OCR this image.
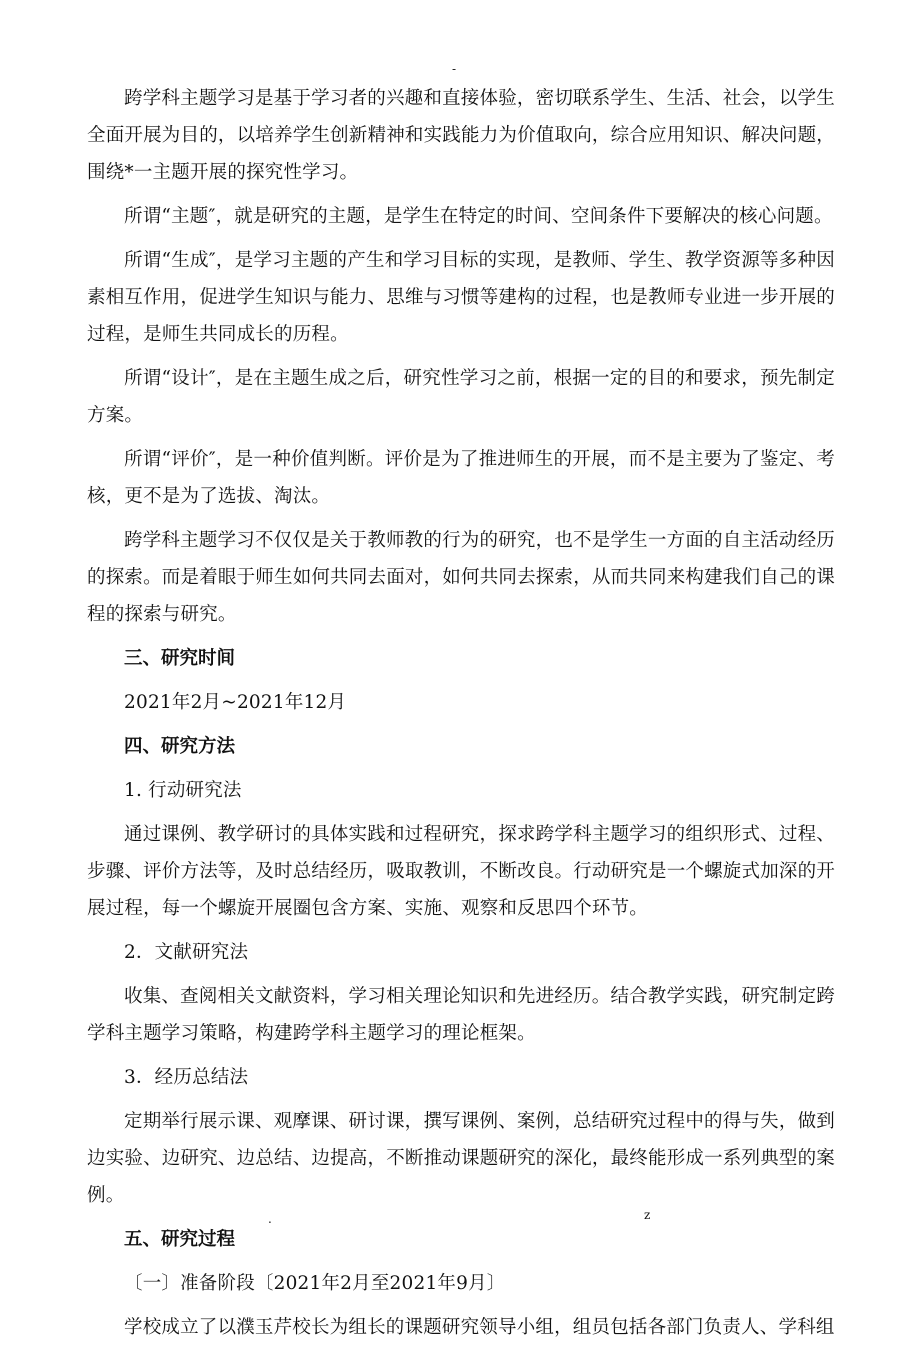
-

跨学科主题学习是基于学习者的兴趣和直接体验，密切联系学生、生活、社会，以学生全面开展为目的，以培养学生创新精神和实践能力为价值取向，综合应用知识、解决问题，围绕*一主题开展的探究性学习。

所谓“主题″，就是研究的主题，是学生在特定的时间、空间条件下要解决的核心问题。

所谓“生成″，是学习主题的产生和学习目标的实现，是教师、学生、教学资源等多种因素相互作用，促进学生知识与能力、思维与习惯等建构的过程，也是教师专业进一步开展的过程，是师生共同成长的历程。

所谓“设计″，是在主题生成之后，研究性学习之前，根据一定的目的和要求，预先制定方案。

所谓“评价″，是一种价值判断。评价是为了推进师生的开展，而不是主要为了鉴定、考核，更不是为了选拔、淘汰。

跨学科主题学习不仅仅是关于教师教的行为的研究，也不是学生一方面的自主活动经历的探索。而是着眼于师生如何共同去面对，如何共同去探索，从而共同来构建我们自己的课程的探索与研究。

三、研究时间

2021年2月~2021年12月

四、研究方法

1. 行动研究法

通过课例、教学研讨的具体实践和过程研究，探求跨学科主题学习的组织形式、过程、步骤、评价方法等，及时总结经历，吸取教训，不断改良。行动研究是一个螺旋式加深的开展过程，每一个螺旋开展圈包含方案、实施、观察和反思四个环节。

2．文献研究法

收集、查阅相关文献资料，学习相关理论知识和先进经历。结合教学实践，研究制定跨学科主题学习策略，构建跨学科主题学习的理论框架。

3．经历总结法

定期举行展示课、观摩课、研讨课，撰写课例、案例，总结研究过程中的得与失，做到边实验、边研究、边总结、边提高，不断推动课题研究的深化，最终能形成一系列典型的案例。

五、研究过程

〔一〕准备阶段〔2021年2月至2021年9月〕

学校成立了以濮玉芹校长为组长的课题研究领导小组，组员包括各部门负责人、学科组

.	z
